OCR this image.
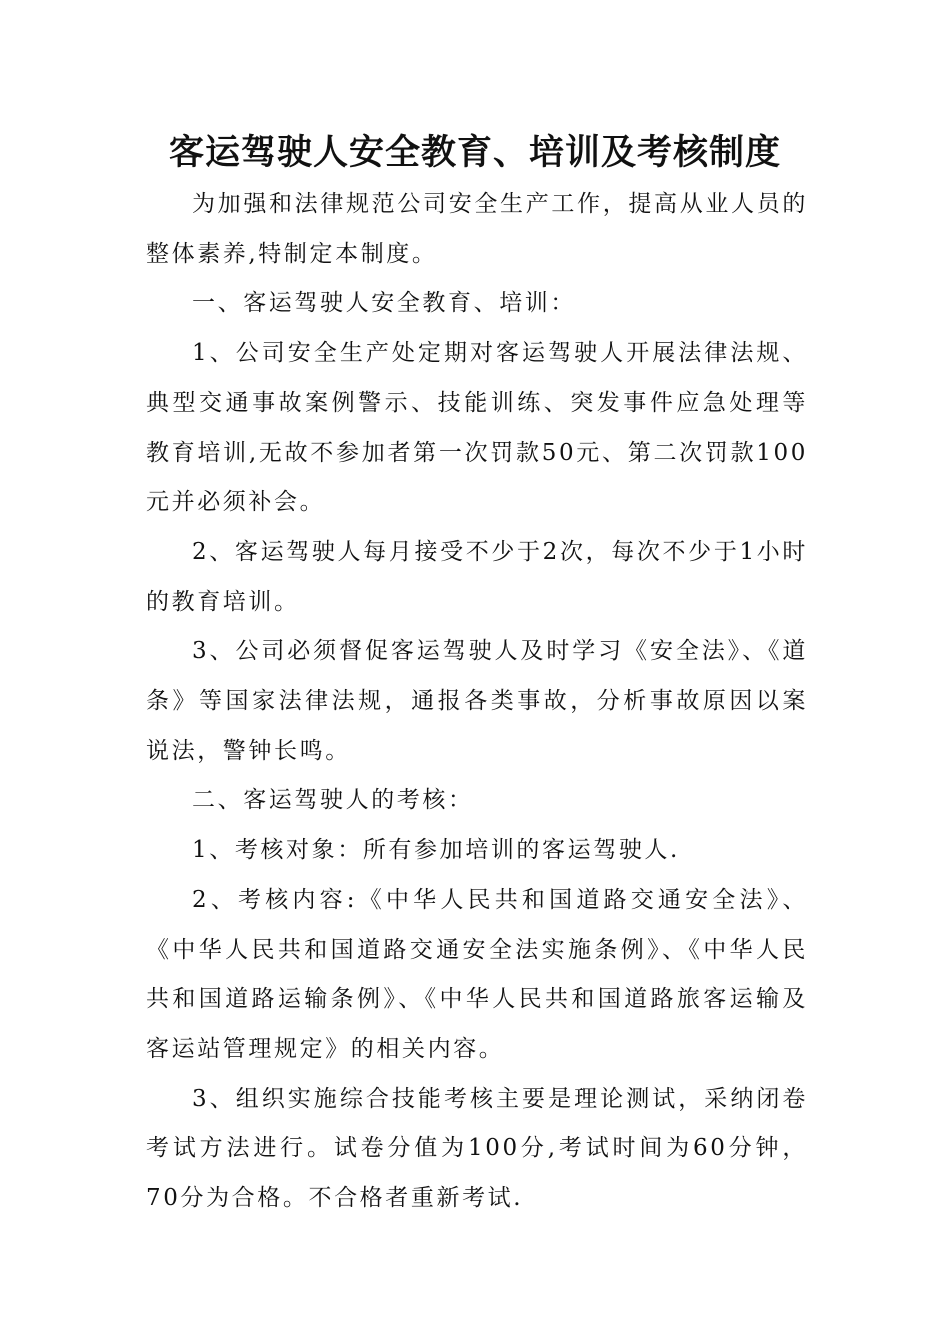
客运驾驶人安全教育、培训及考核制度

为加强和法律规范公司安全生产工作，提高从业人员的整体素养,特制定本制度。

一、客运驾驶人安全教育、培训：

1、公司安全生产处定期对客运驾驶人开展法律法规、典型交通事故案例警示、技能训练、突发事件应急处理等教育培训,无故不参加者第一次罚款50元、第二次罚款100元并必须补会。

2、客运驾驶人每月接受不少于2次，每次不少于1小时的教育培训。

3、公司必须督促客运驾驶人及时学习《安全法》、《道条》等国家法律法规，通报各类事故，分析事故原因以案说法，警钟长鸣。

二、客运驾驶人的考核：

1、考核对象：所有参加培训的客运驾驶人.

2、考核内容:《中华人民共和国道路交通安全法》、《中华人民共和国道路交通安全法实施条例》、《中华人民共和国道路运输条例》、《中华人民共和国道路旅客运输及客运站管理规定》的相关内容。

3、组织实施综合技能考核主要是理论测试，采纳闭卷考试方法进行。试卷分值为100分,考试时间为60分钟，70分为合格。不合格者重新考试.
